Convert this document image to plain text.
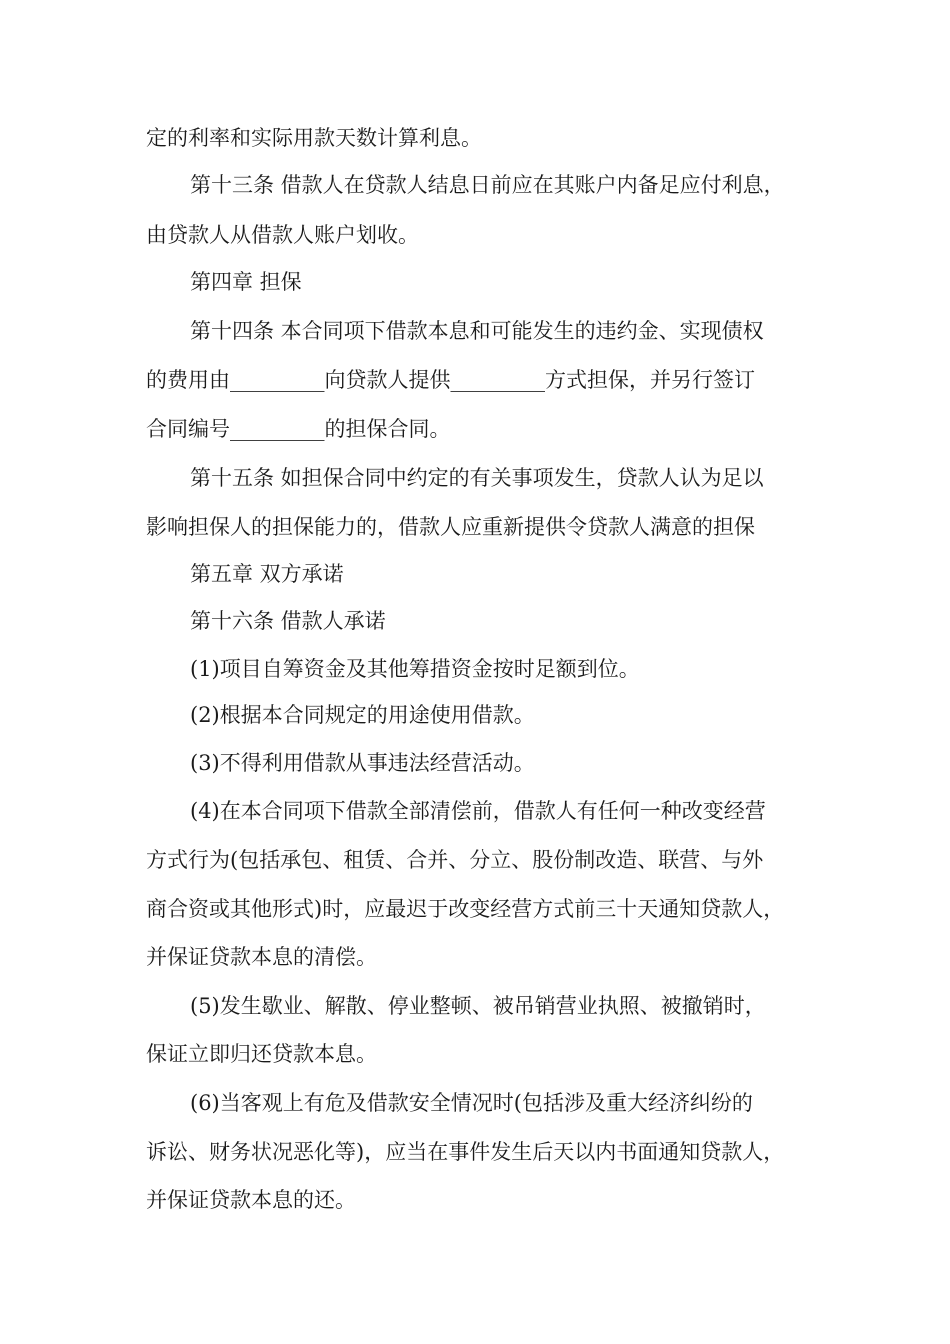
定的利率和实际用款天数计算利息。
第十三条 借款人在贷款人结息日前应在其账户内备足应付利息，
由贷款人从借款人账户划收。
第四章 担保
第十四条 本合同项下借款本息和可能发生的违约金、实现债权
的费用由_________向贷款人提供_________方式担保，并另行签订
合同编号_________的担保合同。
第十五条 如担保合同中约定的有关事项发生，贷款人认为足以
影响担保人的担保能力的，借款人应重新提供令贷款人满意的担保
第五章 双方承诺
第十六条 借款人承诺
(1)项目自筹资金及其他筹措资金按时足额到位。
(2)根据本合同规定的用途使用借款。
(3)不得利用借款从事违法经营活动。
(4)在本合同项下借款全部清偿前，借款人有任何一种改变经营
方式行为(包括承包、租赁、合并、分立、股份制改造、联营、与外
商合资或其他形式)时，应最迟于改变经营方式前三十天通知贷款人，
并保证贷款本息的清偿。
(5)发生歇业、解散、停业整顿、被吊销营业执照、被撤销时，
保证立即归还贷款本息。
(6)当客观上有危及借款安全情况时(包括涉及重大经济纠纷的
诉讼、财务状况恶化等)，应当在事件发生后天以内书面通知贷款人，
并保证贷款本息的还。
